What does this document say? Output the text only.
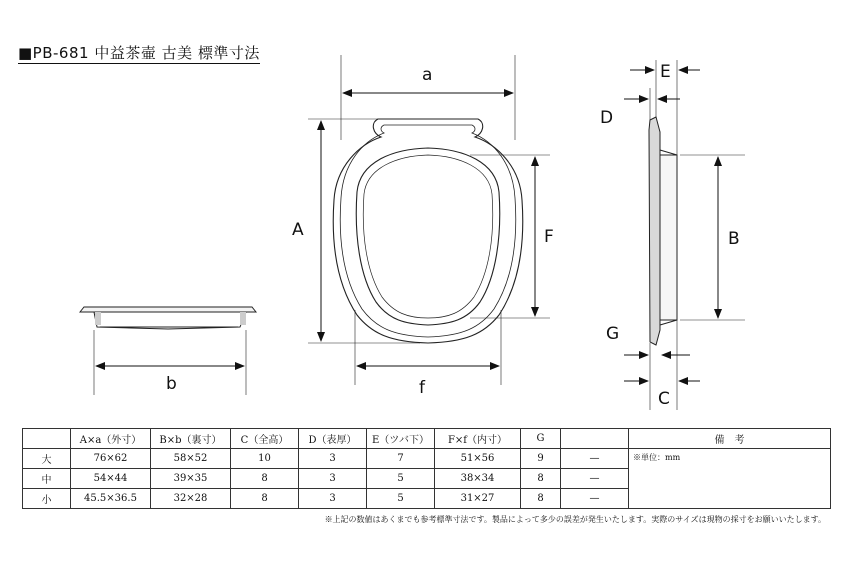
■PB-681 中益茶壷 古美 標準寸法
b
a
A	F
f
E
D
B
G
C
	A×a（外寸）	B×b（裏寸）	C（全高）	D（表厚）	E（ツバ下）	F×f（内寸）	G		備　考
大	76×62	58×52	10	3	7	51×56	9	—	※単位：mm
中	54×44	39×35	8	3	5	38×34	8	—	
小	45.5×36.5	32×28	8	3	5	31×27	8	—	
※上記の数値はあくまでも参考標準寸法です。製品によって多少の誤差が発生いたします。実際のサイズは現物の採寸をお願いいたします。
